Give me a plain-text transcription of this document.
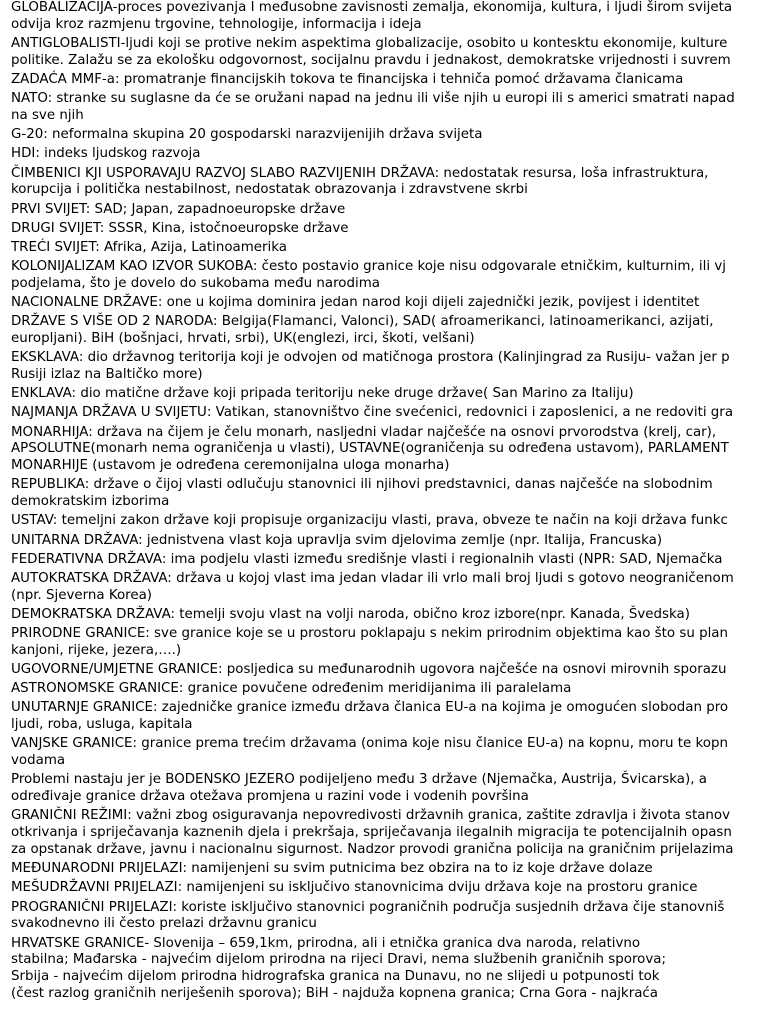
GLOBALIZACIJA-proces povezivanja I međusobne zavisnosti zemalja, ekonomija, kultura, i ljudi širom svijeta
odvija kroz razmjenu trgovine, tehnologije, informacija i ideja
ANTIGLOBALISTI-ljudi koji se protive nekim aspektima globalizacije, osobito u kontesktu ekonomije, kulture
politike. Zalažu se za ekološku odgovornost, socijalnu pravdu i jednakost, demokratske vrijednosti i suvrem
ZADAĆA MMF-a: promatranje financijskih tokova te financijska i tehniča pomoć državama članicama
NATO: stranke su suglasne da će se oružani napad na jednu ili više njih u europi ili s americi smatrati napad
na sve njih
G-20: neformalna skupina 20 gospodarski narazvijenijih država svijeta
HDI: indeks ljudskog razvoja
ČIMBENICI KJI USPORAVAJU RAZVOJ SLABO RAZVIJENIH DRŽAVA: nedostatak resursa, loša infrastruktura,
korupcija i politička nestabilnost, nedostatak obrazovanja i zdravstvene skrbi
PRVI SVIJET: SAD; Japan, zapadnoeuropske države
DRUGI SVIJET: SSSR, Kina, istočnoeuropske države
TREĆI SVIJET: Afrika, Azija, Latinoamerika
KOLONIJALIZAM KAO IZVOR SUKOBA: često postavio granice koje nisu odgovarale etničkim, kulturnim, ili vj
podjelama, što je dovelo do sukobama među narodima
NACIONALNE DRŽAVE: one u kojima dominira jedan narod koji dijeli zajednički jezik, povijest i identitet
DRŽAVE S VIŠE OD 2 NARODA: Belgija(Flamanci, Valonci), SAD( afroamerikanci, latinoamerikanci, azijati,
europljani). BiH (bošnjaci, hrvati, srbi), UK(englezi, irci, škoti, velšani)
EKSKLAVA: dio državnog teritorija koji je odvojen od matičnoga prostora (Kalinjingrad za Rusiju- važan jer p
Rusiji izlaz na Baltičko more)
ENKLAVA: dio matične države koji pripada teritoriju neke druge države( San Marino za Italiju)
NAJMANJA DRŽAVA U SVIJETU: Vatikan, stanovništvo čine svećenici, redovnici i zaposlenici, a ne redoviti gra
MONARHIJA: država na čijem je čelu monarh, nasljedni vladar najčešće na osnovi prvorodstva (krelj, car),
APSOLUTNE(monarh nema ograničenja u vlasti), USTAVNE(ograničenja su određena ustavom), PARLAMENT
MONARHIJE (ustavom je određena ceremonijalna uloga monarha)
REPUBLIKA: države o čijoj vlasti odlučuju stanovnici ili njihovi predstavnici, danas najčešće na slobodnim
demokratskim izborima
USTAV: temeljni zakon države koji propisuje organizaciju vlasti, prava, obveze te način na koji država funkc
UNITARNA DRŽAVA: jednistvena vlast koja upravlja svim djelovima zemlje (npr. Italija, Francuska)
FEDERATIVNA DRŽAVA: ima podjelu vlasti između središnje vlasti i regionalnih vlasti (NPR: SAD, Njemačka
AUTOKRATSKA DRŽAVA: država u kojoj vlast ima jedan vladar ili vrlo mali broj ljudi s gotovo neograničenom
(npr. Sjeverna Korea)
DEMOKRATSKA DRŽAVA: temelji svoju vlast na volji naroda, obično kroz izbore(npr. Kanada, Švedska)
PRIRODNE GRANICE: sve granice koje se u prostoru poklapaju s nekim prirodnim objektima kao što su plan
kanjoni, rijeke, jezera,….)
UGOVORNE/UMJETNE GRANICE: posljedica su međunarodnih ugovora najčešće na osnovi mirovnih sporazu
ASTRONOMSKE GRANICE: granice povučene određenim meridijanima ili paralelama
UNUTARNJE GRANICE: zajedničke granice između država članica EU-a na kojima je omogućen slobodan pro
ljudi, roba, usluga, kapitala
VANJSKE GRANICE: granice prema trećim državama (onima koje nisu članice EU-a) na kopnu, moru te kopn
vodama
Problemi nastaju jer je BODENSKO JEZERO podijeljeno među 3 države (Njemačka, Austrija, Švicarska), a
određivaje granice država otežava promjena u razini vode i vodenih površina
GRANIČNI REŽIMI: važni zbog osiguravanja nepovredivosti državnih granica, zaštite zdravlja i života stanov
otkrivanja i spriječavanja kaznenih djela i prekršaja, spriječavanja ilegalnih migracija te potencijalnih opasn
za opstanak države, javnu i nacionalnu sigurnost. Nadzor provodi granična policija na graničnim prijelazima
MEĐUNARODNI PRIJELAZI: namijenjeni su svim putnicima bez obzira na to iz koje države dolaze
MEŠUDRŽAVNI PRIJELAZI: namijenjeni su isključivo stanovnicima dviju država koje na prostoru granice
PROGRANIČNI PRIJELAZI: koriste isključivo stanovnici pograničnih područja susjednih država čije stanovniš
svakodnevno ili često prelazi državnu granicu
HRVATSKE GRANICE- Slovenija – 659,1km, prirodna, ali i etnička granica dva naroda, relativno
stabilna; Mađarska - najvećim dijelom prirodna na rijeci Dravi, nema službenih graničnih sporova;
Srbija - najvećim dijelom prirodna hidrografska granica na Dunavu, no ne slijedi u potpunosti tok
(čest razlog graničnih neriješenih sporova); BiH - najduža kopnena granica; Crna Gora - najkraća
